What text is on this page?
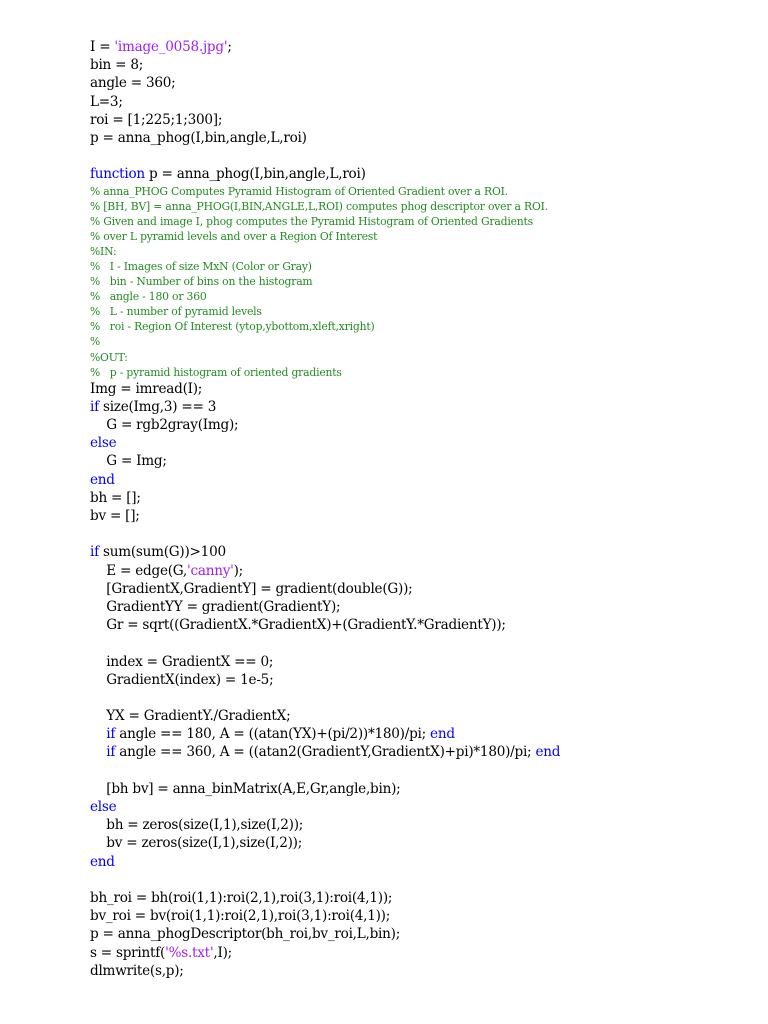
I = 'image_0058.jpg';
bin = 8;
angle = 360;
L=3;
roi = [1;225;1;300];
p = anna_phog(I,bin,angle,L,roi)
function p = anna_phog(I,bin,angle,L,roi)
% anna_PHOG Computes Pyramid Histogram of Oriented Gradient over a ROI.
% [BH, BV] = anna_PHOG(I,BIN,ANGLE,L,ROI) computes phog descriptor over a ROI.
% Given and image I, phog computes the Pyramid Histogram of Oriented Gradients
% over L pyramid levels and over a Region Of Interest
%IN:
%   I - Images of size MxN (Color or Gray)
%   bin - Number of bins on the histogram
%   angle - 180 or 360
%   L - number of pyramid levels
%   roi - Region Of Interest (ytop,ybottom,xleft,xright)
%
%OUT:
%   p - pyramid histogram of oriented gradients
Img = imread(I);
if size(Img,3) == 3
G = rgb2gray(Img);
else
G = Img;
end
bh = [];
bv = [];
if sum(sum(G))>100
E = edge(G,'canny');
[GradientX,GradientY] = gradient(double(G));
GradientYY = gradient(GradientY);
Gr = sqrt((GradientX.*GradientX)+(GradientY.*GradientY));
index = GradientX == 0;
GradientX(index) = 1e-5;
YX = GradientY./GradientX;
if angle == 180, A = ((atan(YX)+(pi/2))*180)/pi; end
if angle == 360, A = ((atan2(GradientY,GradientX)+pi)*180)/pi; end
[bh bv] = anna_binMatrix(A,E,Gr,angle,bin);
else
bh = zeros(size(I,1),size(I,2));
bv = zeros(size(I,1),size(I,2));
end
bh_roi = bh(roi(1,1):roi(2,1),roi(3,1):roi(4,1));
bv_roi = bv(roi(1,1):roi(2,1),roi(3,1):roi(4,1));
p = anna_phogDescriptor(bh_roi,bv_roi,L,bin);
s = sprintf('%s.txt',I);
dlmwrite(s,p);
